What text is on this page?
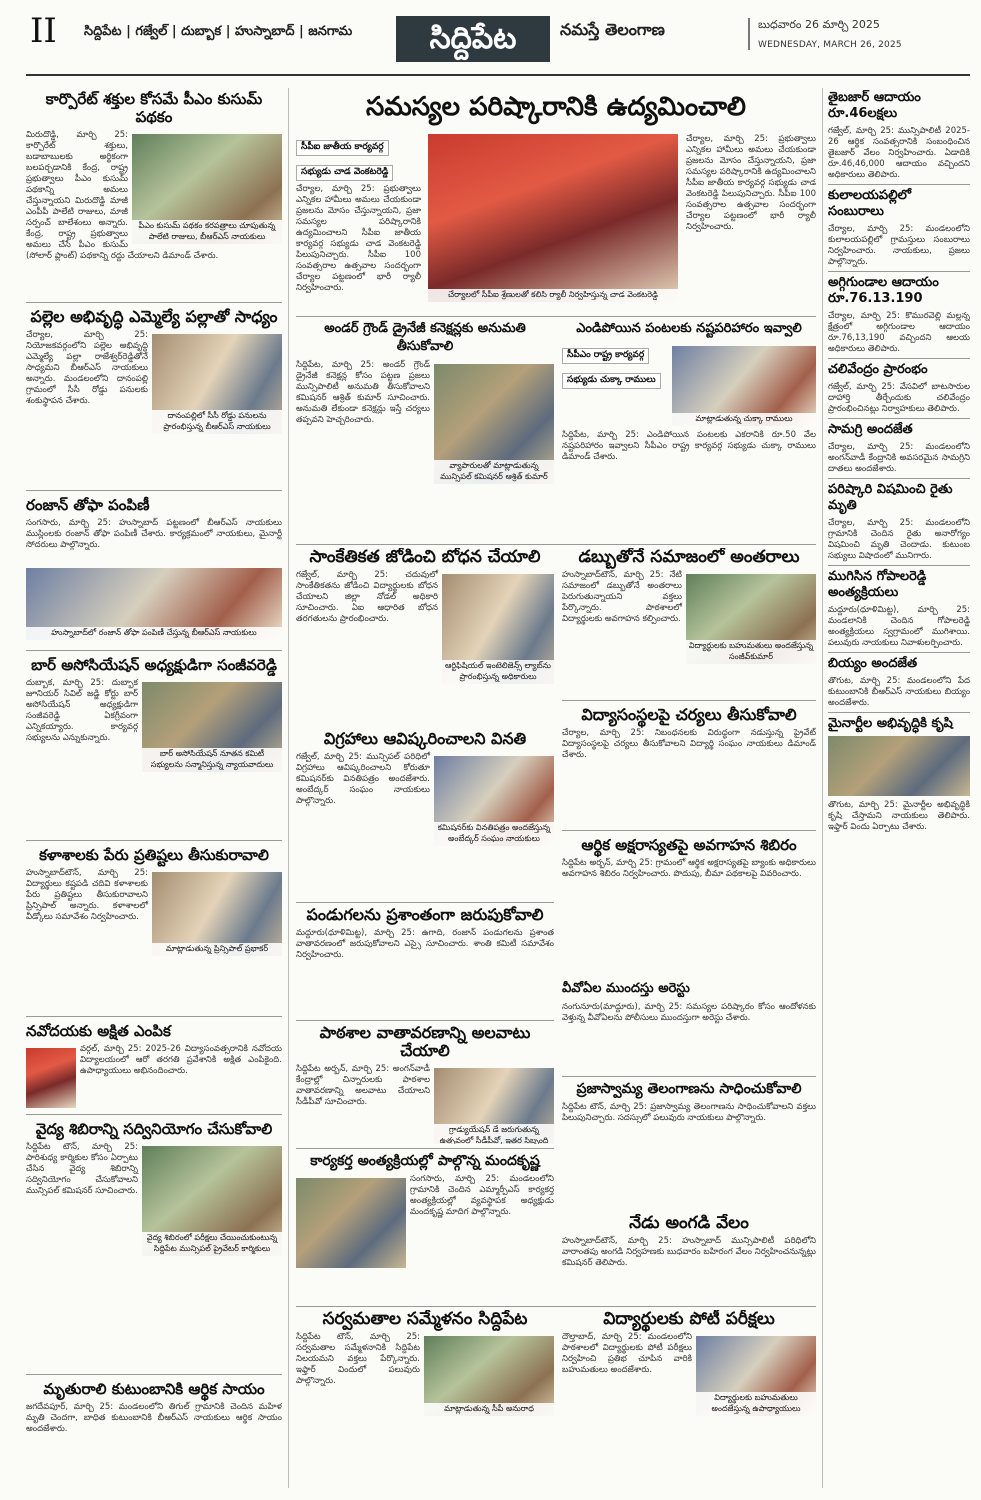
II సిద్దిపేట | గజ్వేల్ | దుబ్బాక | హుస్నాబాద్ | జనగామ	సిద్దిపేట	నమస్తే తెలంగాణ	బుధవారం 26 మార్చి 2025
WEDNESDAY, MARCH 26, 2025
కార్పొరేట్ శక్తుల కోసమే పీఎం కుసుమ్ పథకం
పీఎం కుసుమ్ పథకం కరపత్రాలు చూపుతున్న పాలేటి రాజులు, బీఆర్ఎస్ నాయకులు
మిరుదొడ్డి, మార్చి 25: కార్పొరేట్ శక్తులు, బడాబాబులకు అర్థికంగా బలపర్చడానికి కేంద్ర, రాష్ట్ర ప్రభుత్వాలు పీఎం కుసుమ్ పథకాన్ని అమలు చేస్తున్నాయని మిరుదొడ్డి మాజీ ఎంపీపీ పాలేటి రాజులు, మాజీ సర్పంచ్ బాలేశంలు అన్నారు. కేంద్ర, రాష్ట్ర ప్రభుత్వాలు అమలు చేసే పీఎం కుసుమ్ (సోలార్ ప్లాంట్) పథకాన్ని రద్దు చేయాలని డిమాండ్ చేశారు.
పల్లెల అభివృద్ధి ఎమ్మెల్యే పల్లాతో సాధ్యం
దానంపల్లిలో సీసీ రోడ్డు పనులను ప్రారంభిస్తున్న బీఆర్ఎస్ నాయకులు
చేర్యాల, మార్చి 25: నియోజకవర్గంలోని పల్లెల అభివృద్ధి ఎమ్మెల్యే పల్లా రాజేశ్వర్‌రెడ్డితోనే సాధ్యమని బీఆర్ఎస్ నాయకులు అన్నారు. మండలంలోని దానంపల్లి గ్రామంలో సీసీ రోడ్డు పనులకు శంకుస్థాపన చేశారు.
రంజాన్ తోఫా పంపిణీ
సంగసారు, మార్చి 25: హుస్నాబాద్ పట్టణంలో బీఆర్ఎస్ నాయకులు ముస్లింలకు రంజాన్ తోఫా పంపిణీ చేశారు. కార్యక్రమంలో నాయకులు, మైనార్టీ సోదరులు పాల్గొన్నారు.
హుస్నాబాద్‌లో రంజాన్ తోఫా పంపిణీ చేస్తున్న బీఆర్ఎస్ నాయకులు
బార్ అసోసియేషన్ అధ్యక్షుడిగా సంజీవరెడ్డి
బార్ అసోసియేషన్ నూతన కమిటీ సభ్యులను సన్మానిస్తున్న న్యాయవాదులు
దుబ్బాక, మార్చి 25: దుబ్బాక జూనియర్ సివిల్ జడ్జి కోర్టు బార్ అసోసియేషన్ అధ్యక్షుడిగా సంజీవరెడ్డి ఏకగ్రీవంగా ఎన్నికయ్యారు. కార్యవర్గ సభ్యులను ఎన్నుకున్నారు.
కళాశాలకు పేరు ప్రతిష్టలు తీసుకురావాలి
మాట్లాడుతున్న ప్రిన్సిపాల్ ప్రభాకర్
హుస్నాబాద్‌టౌన్, మార్చి 25: విద్యార్థులు కష్టపడి చదివి కళాశాలకు పేరు ప్రతిష్టలు తీసుకురావాలని ప్రిన్సిపాల్ అన్నారు. కళాశాలలో వీడ్కోలు సమావేశం నిర్వహించారు.
నవోదయకు అక్షిత ఎంపిక
వర్గల్, మార్చి 25: 2025-26 విద్యాసంవత్సరానికి నవోదయ విద్యాలయంలో ఆరో తరగతి ప్రవేశానికి అక్షిత ఎంపికైంది. ఉపాధ్యాయులు అభినందించారు.
వైద్య శిబిరాన్ని సద్వినియోగం చేసుకోవాలి
వైద్య శిబిరంలో పరీక్షలు చేయించుకుంటున్న సిద్దిపేట మున్సిపల్ ప్రైవేటర్ కార్మికులు
సిద్దిపేట టౌన్, మార్చి 25: పారిశుధ్య కార్మికుల కోసం ఏర్పాటు చేసిన వైద్య శిబిరాన్ని సద్వినియోగం చేసుకోవాలని మున్సిపల్ కమిషనర్ సూచించారు.
మృతురాలి కుటుంబానికి ఆర్థిక సాయం
జగదేవపూర్, మార్చి 25: మండలంలోని తిగుల్ గ్రామానికి చెందిన మహిళ మృతి చెందగా, బాధిత కుటుంబానికి బీఆర్ఎస్ నాయకులు ఆర్థిక సాయం అందజేశారు.
సమస్యల పరిష్కారానికి ఉద్యమించాలి
సీపీఐ జాతీయ కార్యవర్గ సభ్యుడు చాడ వెంకటరెడ్డి
చేర్యాల, మార్చి 25: ప్రభుత్వాలు ఎన్నికల హామీలు అమలు చేయకుండా ప్రజలను మోసం చేస్తున్నాయని, ప్రజా సమస్యల పరిష్కారానికి ఉద్యమించాలని సీపీఐ జాతీయ కార్యవర్గ సభ్యుడు చాడ వెంకటరెడ్డి పిలుపునిచ్చారు. సీపీఐ 100 సంవత్సరాల ఉత్సవాల సందర్భంగా చేర్యాల పట్టణంలో భారీ ర్యాలీ నిర్వహించారు.
చేర్యాలలో సీపీఐ శ్రేణులతో కలిసి ర్యాలీ నిర్వహిస్తున్న చాడ వెంకటరెడ్డి
చేర్యాల, మార్చి 25: ప్రభుత్వాలు ఎన్నికల హామీలు అమలు చేయకుండా ప్రజలను మోసం చేస్తున్నాయని, ప్రజా సమస్యల పరిష్కారానికి ఉద్యమించాలని సీపీఐ జాతీయ కార్యవర్గ సభ్యుడు చాడ వెంకటరెడ్డి పిలుపునిచ్చారు. సీపీఐ 100 సంవత్సరాల ఉత్సవాల సందర్భంగా చేర్యాల పట్టణంలో భారీ ర్యాలీ నిర్వహించారు.
అండర్ గ్రౌండ్ డ్రైనేజీ కనెక్షన్లకు అనుమతి తీసుకోవాలి
వ్యాపారులతో మాట్లాడుతున్న మున్సిపల్ కమిషనర్ ఆశ్రిత్ కుమార్
సిద్దిపేట, మార్చి 25: అండర్ గ్రౌండ్ డ్రైనేజీ కనెక్షన్ల కోసం పట్టణ ప్రజలు మున్సిపాలిటీ అనుమతి తీసుకోవాలని కమిషనర్ ఆశ్రిత్ కుమార్ సూచించారు. అనుమతి లేకుండా కనెక్షన్లు ఇస్తే చర్యలు తప్పవని హెచ్చరించారు.
ఎండిపోయిన పంటలకు నష్టపరిహారం ఇవ్వాలి
సీపీఎం రాష్ట్ర కార్యవర్గ సభ్యుడు చుక్కా రాములు
మాట్లాడుతున్న చుక్కా రాములు
సిద్దిపేట, మార్చి 25: ఎండిపోయిన పంటలకు ఎకరానికి రూ.50 వేల నష్టపరిహారం ఇవ్వాలని సీపీఎం రాష్ట్ర కార్యవర్గ సభ్యుడు చుక్కా రాములు డిమాండ్ చేశారు.
సాంకేతికత జోడించి బోధన చేయాలి
ఆర్టిఫిషియల్ ఇంటెలిజెన్స్ ల్యాబ్‌ను ప్రారంభిస్తున్న అధికారులు
గజ్వేల్, మార్చి 25: చదువులో సాంకేతికతను జోడించి విద్యార్థులకు బోధన చేయాలని జిల్లా నోడల్ అధికారి సూచించారు. ఏఐ ఆధారిత బోధన తరగతులను ప్రారంభించారు.
డబ్బుతోనే సమాజంలో అంతరాలు
విద్యార్థులకు బహుమతులు అందజేస్తున్న సంజీవ్‌కుమార్
హుస్నాబాద్‌టౌన్, మార్చి 25: నేటి సమాజంలో డబ్బుతోనే అంతరాలు పెరుగుతున్నాయని వక్తలు పేర్కొన్నారు. పాఠశాలలో విద్యార్థులకు అవగాహన కల్పించారు.
విగ్రహాలు ఆవిష్కరించాలని వినతి
కమిషనర్‌కు వినతిపత్రం అందజేస్తున్న అంబేద్కర్ సంఘం నాయకులు
గజ్వేల్, మార్చి 25: మున్సిపల్ పరిధిలో విగ్రహాలు ఆవిష్కరించాలని కోరుతూ కమిషనర్‌కు వినతిపత్రం అందజేశారు. అంబేద్కర్ సంఘం నాయకులు పాల్గొన్నారు.
విద్యాసంస్థలపై చర్యలు తీసుకోవాలి
చేర్యాల, మార్చి 25: నిబంధనలకు విరుద్ధంగా నడుస్తున్న ప్రైవేట్ విద్యాసంస్థలపై చర్యలు తీసుకోవాలని విద్యార్థి సంఘం నాయకులు డిమాండ్ చేశారు.
ఆర్థిక అక్షరాస్యతపై అవగాహన శిబిరం
సిద్దిపేట అర్బన్, మార్చి 25: గ్రామంలో ఆర్థిక అక్షరాస్యతపై బ్యాంకు అధికారులు అవగాహన శిబిరం నిర్వహించారు. పొదుపు, బీమా పథకాలపై వివరించారు.
పండుగలను ప్రశాంతంగా జరుపుకోవాలి
మద్దూరు(ధూళిమిట్ట), మార్చి 25: ఉగాది, రంజాన్ పండుగలను ప్రశాంత వాతావరణంలో జరుపుకోవాలని ఎస్సై సూచించారు. శాంతి కమిటీ సమావేశం నిర్వహించారు.
పాఠశాల వాతావరణాన్ని అలవాటు చేయాలి
గ్రాడ్యుయేషన్ డే జరుగుతున్న ఉత్సవంలో సీడీపీవో, ఇతర సిబ్బంది
సిద్దిపేట అర్బన్, మార్చి 25: అంగన్‌వాడీ కేంద్రాల్లో చిన్నారులకు పాఠశాల వాతావరణాన్ని అలవాటు చేయాలని సీడీపీవో సూచించారు.
వీవోఏల ముందస్తు అరెస్టు
నంగునూరు(మాద్దూరు), మార్చి 25: సమస్యల పరిష్కారం కోసం ఆందోళనకు వెళ్తున్న వీవోఏలను పోలీసులు ముందస్తుగా అరెస్టు చేశారు.
ప్రజాస్వామ్య తెలంగాణను సాధించుకోవాలి
సిద్దిపేట టౌన్, మార్చి 25: ప్రజాస్వామ్య తెలంగాణను సాధించుకోవాలని వక్తలు పిలుపునిచ్చారు. సదస్సులో పలువురు నాయకులు పాల్గొన్నారు.
కార్యకర్త అంత్యక్రియల్లో పాల్గొన్న మందకృష్ణ
సంగసారు, మార్చి 25: మండలంలోని గ్రామానికి చెందిన ఎమ్మార్పీఎస్ కార్యకర్త అంత్యక్రియల్లో వ్యవస్థాపక అధ్యక్షుడు మందకృష్ణ మాదిగ పాల్గొన్నారు.
నేడు అంగడి వేలం
హుస్నాబాద్‌టౌన్, మార్చి 25: హుస్నాబాద్ మున్సిపాలిటీ పరిధిలోని వారాంతపు అంగడి నిర్వహణకు బుధవారం బహిరంగ వేలం నిర్వహించనున్నట్లు కమిషనర్ తెలిపారు.
సర్వమతాల సమ్మేళనం సిద్దిపేట
మాట్లాడుతున్న సీపీ అనురాధ
సిద్దిపేట టౌన్, మార్చి 25: సర్వమతాల సమ్మేళనానికి సిద్దిపేట నిలయమని వక్తలు పేర్కొన్నారు. ఇఫ్తార్ విందులో పలువురు పాల్గొన్నారు.
విద్యార్థులకు పోటీ పరీక్షలు
విద్యార్థులకు బహుమతులు అందజేస్తున్న ఉపాధ్యాయులు
దౌల్తాబాద్, మార్చి 25: మండలంలోని పాఠశాలలో విద్యార్థులకు పోటీ పరీక్షలు నిర్వహించి ప్రతిభ చూపిన వారికి బహుమతులు అందజేశారు.
తైబజార్ ఆదాయం రూ.46లక్షలు
గజ్వేల్, మార్చి 25: మున్సిపాలిటీ 2025-26 ఆర్థిక సంవత్సరానికి సంబంధించిన తైబజార్ వేలం నిర్వహించారు. ఏడాదికి రూ.46,46,000 ఆదాయం వచ్చిందని అధికారులు తెలిపారు.
కులాలయపల్లిలో సంబురాలు
చేర్యాల, మార్చి 25: మండలంలోని కులాలయపల్లిలో గ్రామస్తులు సంబురాలు నిర్వహించారు. నాయకులు, ప్రజలు పాల్గొన్నారు.
అగ్గిగుండాల ఆదాయం రూ.76.13.190
చేర్యాల, మార్చి 25: కొమురవెల్లి మల్లన్న క్షేత్రంలో అగ్గిగుండాల ఆదాయం రూ.76,13,190 వచ్చిందని ఆలయ అధికారులు తెలిపారు.
చలివేంద్రం ప్రారంభం
గజ్వేల్, మార్చి 25: వేసవిలో బాటసారుల దాహార్తి తీర్చేందుకు చలివేంద్రం ప్రారంభించినట్లు నిర్వాహకులు తెలిపారు.
సామగ్రి అందజేత
చేర్యాల, మార్చి 25: మండలంలోని అంగన్‌వాడీ కేంద్రానికి అవసరమైన సామగ్రిని దాతలు అందజేశారు.
పరిష్కారి విషమించి రైతు మృతి
చేర్యాల, మార్చి 25: మండలంలోని గ్రామానికి చెందిన రైతు అనారోగ్యం విషమించి మృతి చెందాడు. కుటుంబ సభ్యులు విషాదంలో మునిగారు.
ముగిసిన గోపాలరెడ్డి అంత్యక్రియలు
మద్దూరు(ధూళిమిట్ట), మార్చి 25: మండలానికి చెందిన గోపాలరెడ్డి అంత్యక్రియలు స్వగ్రామంలో ముగిశాయి. పలువురు నాయకులు నివాళులర్పించారు.
బియ్యం అందజేత
తొగుట, మార్చి 25: మండలంలోని పేద కుటుంబానికి బీఆర్ఎస్ నాయకులు బియ్యం అందజేశారు.
మైనార్టీల అభివృద్ధికి కృషి
తొగుట, మార్చి 25: మైనార్టీల అభివృద్ధికి కృషి చేస్తామని నాయకులు తెలిపారు. ఇఫ్తార్ విందు ఏర్పాటు చేశారు.
